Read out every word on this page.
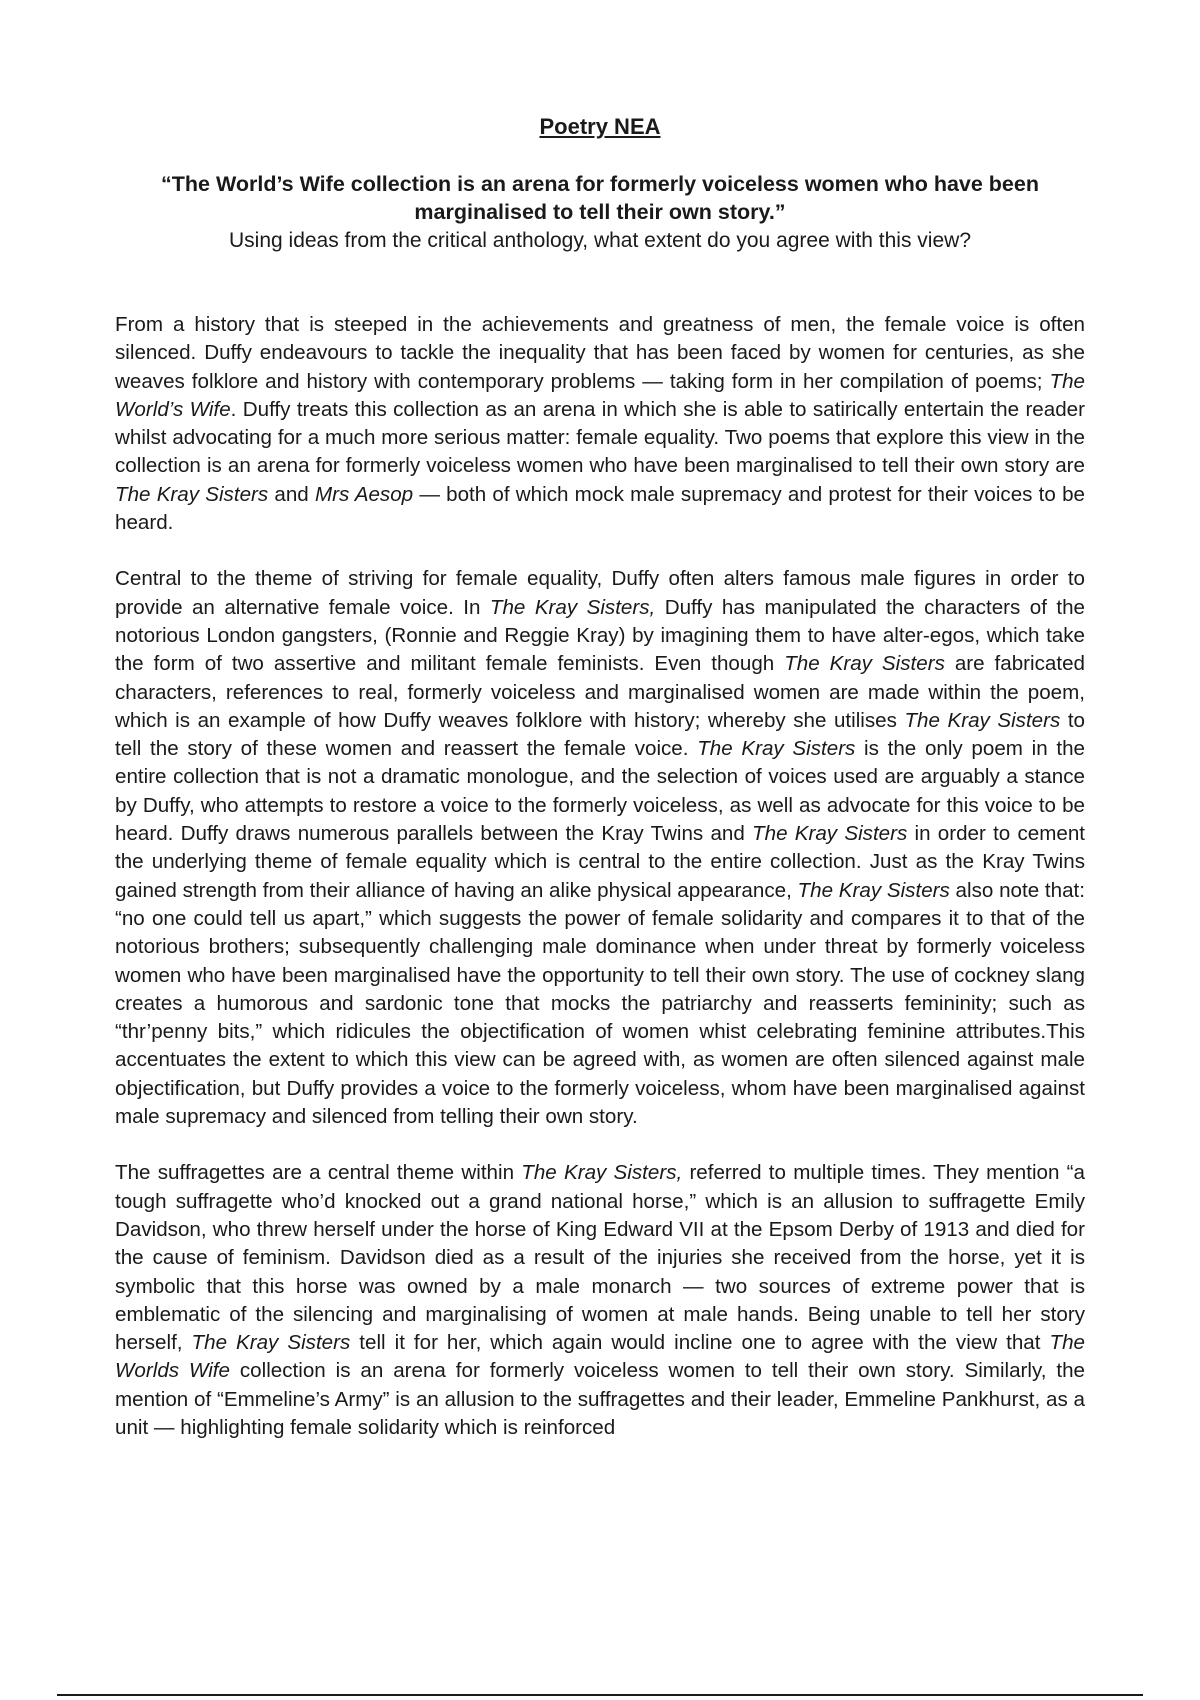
Poetry NEA

“The World’s Wife collection is an arena for formerly voiceless women who have been marginalised to tell their own story.”

Using ideas from the critical anthology, what extent do you agree with this view?

From a history that is steeped in the achievements and greatness of men, the female voice is often silenced. Duffy endeavours to tackle the inequality that has been faced by women for centuries, as she weaves folklore and history with contemporary problems — taking form in her compilation of poems; The World’s Wife. Duffy treats this collection as an arena in which she is able to satirically entertain the reader whilst advocating for a much more serious matter: female equality. Two poems that explore this view in the collection is an arena for formerly voiceless women who have been marginalised to tell their own story are The Kray Sisters and Mrs Aesop — both of which mock male supremacy and protest for their voices to be heard.

Central to the theme of striving for female equality, Duffy often alters famous male figures in order to provide an alternative female voice. In The Kray Sisters, Duffy has manipulated the characters of the notorious London gangsters, (Ronnie and Reggie Kray) by imagining them to have alter-egos, which take the form of two assertive and militant female feminists. Even though The Kray Sisters are fabricated characters, references to real, formerly voiceless and marginalised women are made within the poem, which is an example of how Duffy weaves folklore with history; whereby she utilises The Kray Sisters to tell the story of these women and reassert the female voice. The Kray Sisters is the only poem in the entire collection that is not a dramatic monologue, and the selection of voices used are arguably a stance by Duffy, who attempts to restore a voice to the formerly voiceless, as well as advocate for this voice to be heard. Duffy draws numerous parallels between the Kray Twins and The Kray Sisters in order to cement the underlying theme of female equality which is central to the entire collection. Just as the Kray Twins gained strength from their alliance of having an alike physical appearance, The Kray Sisters also note that: “no one could tell us apart,” which suggests the power of female solidarity and compares it to that of the notorious brothers; subsequently challenging male dominance when under threat by formerly voiceless women who have been marginalised have the opportunity to tell their own story. The use of cockney slang creates a humorous and sardonic tone that mocks the patriarchy and reasserts femininity; such as “thr’penny bits,” which ridicules the objectification of women whist celebrating feminine attributes.This accentuates the extent to which this view can be agreed with, as women are often silenced against male objectification, but Duffy provides a voice to the formerly voiceless, whom have been marginalised against male supremacy and silenced from telling their own story.

The suffragettes are a central theme within The Kray Sisters, referred to multiple times. They mention “a tough suffragette who’d knocked out a grand national horse,” which is an allusion to suffragette Emily Davidson, who threw herself under the horse of King Edward VII at the Epsom Derby of 1913 and died for the cause of feminism. Davidson died as a result of the injuries she received from the horse, yet it is symbolic that this horse was owned by a male monarch — two sources of extreme power that is emblematic of the silencing and marginalising of women at male hands. Being unable to tell her story herself, The Kray Sisters tell it for her, which again would incline one to agree with the view that The Worlds Wife collection is an arena for formerly voiceless women to tell their own story. Similarly, the mention of “Emmeline’s Army” is an allusion to the suffragettes and their leader, Emmeline Pankhurst, as a unit — highlighting female solidarity which is reinforced
